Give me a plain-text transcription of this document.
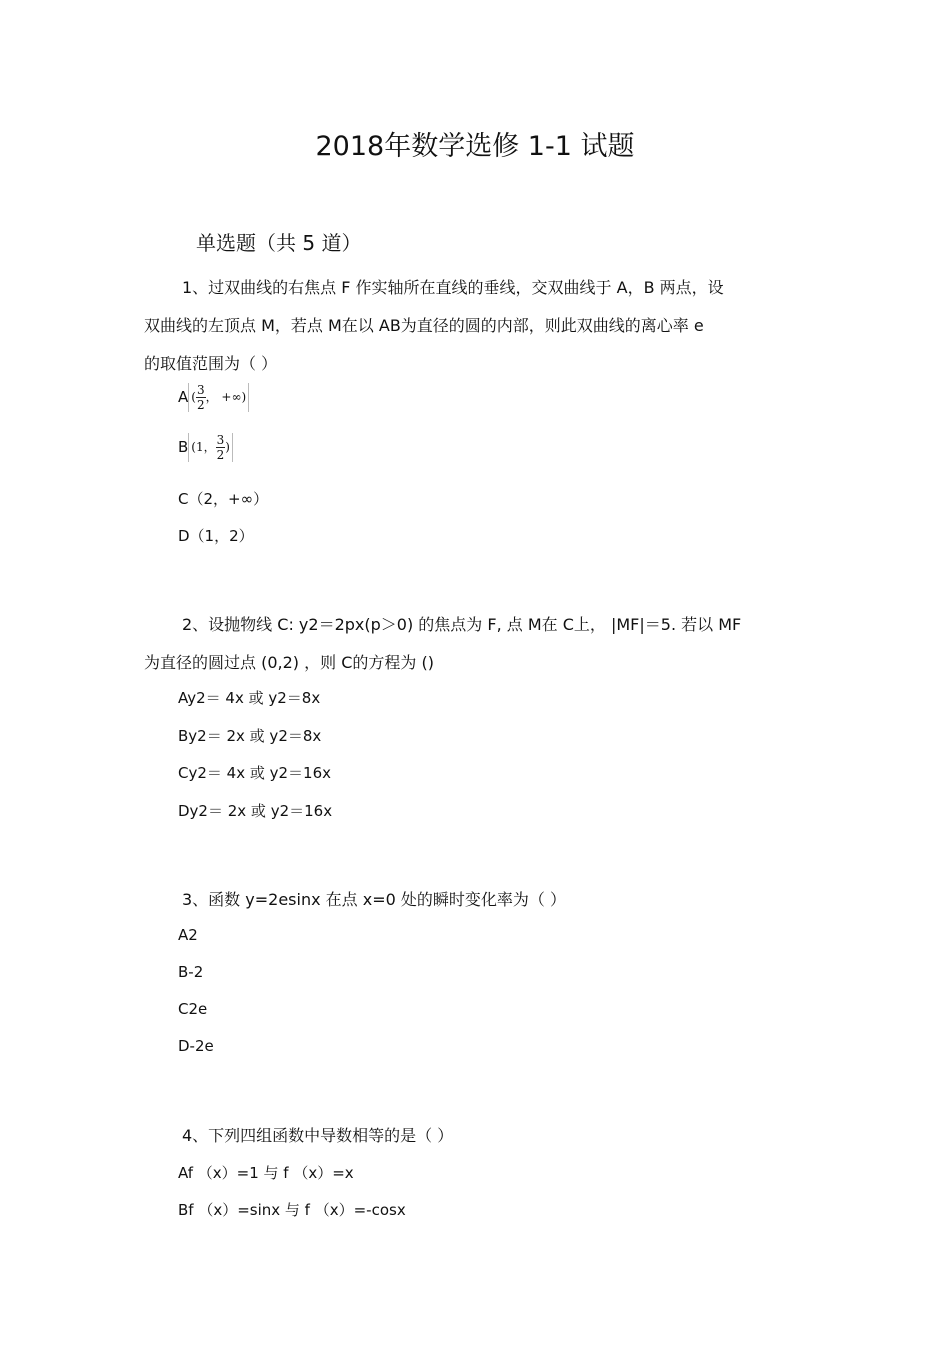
2018年数学选修 1-1 试题
单选题（共 5 道）
1、过双曲线的右焦点 F 作实轴所在直线的垂线，交双曲线于 A，B 两点，设
双曲线的左顶点 M，若点 M在以 AB为直径的圆的内部，则此双曲线的离心率 e
的取值范围为（ ）
A ( $\frac{3}{2}$ ， +∞)
B (1， $\frac{3}{2}$ )
C（2，+∞）
D（1，2）
2、设抛物线 C: y2＝2px(p＞0) 的焦点为 F, 点 M在 C上， |MF|＝5. 若以 MF
为直径的圆过点 (0,2) ，则 C的方程为 ()
Ay2＝ 4x 或 y2＝8x
By2＝ 2x 或 y2＝8x
Cy2＝ 4x 或 y2＝16x
Dy2＝ 2x 或 y2＝16x
3、函数 y=2esinx 在点 x=0 处的瞬时变化率为（ ）
A2
B-2
C2e
D-2e
4、下列四组函数中导数相等的是（ ）
Af （x）=1 与 f （x）=x
Bf （x）=sinx 与 f （x）=-cosx
